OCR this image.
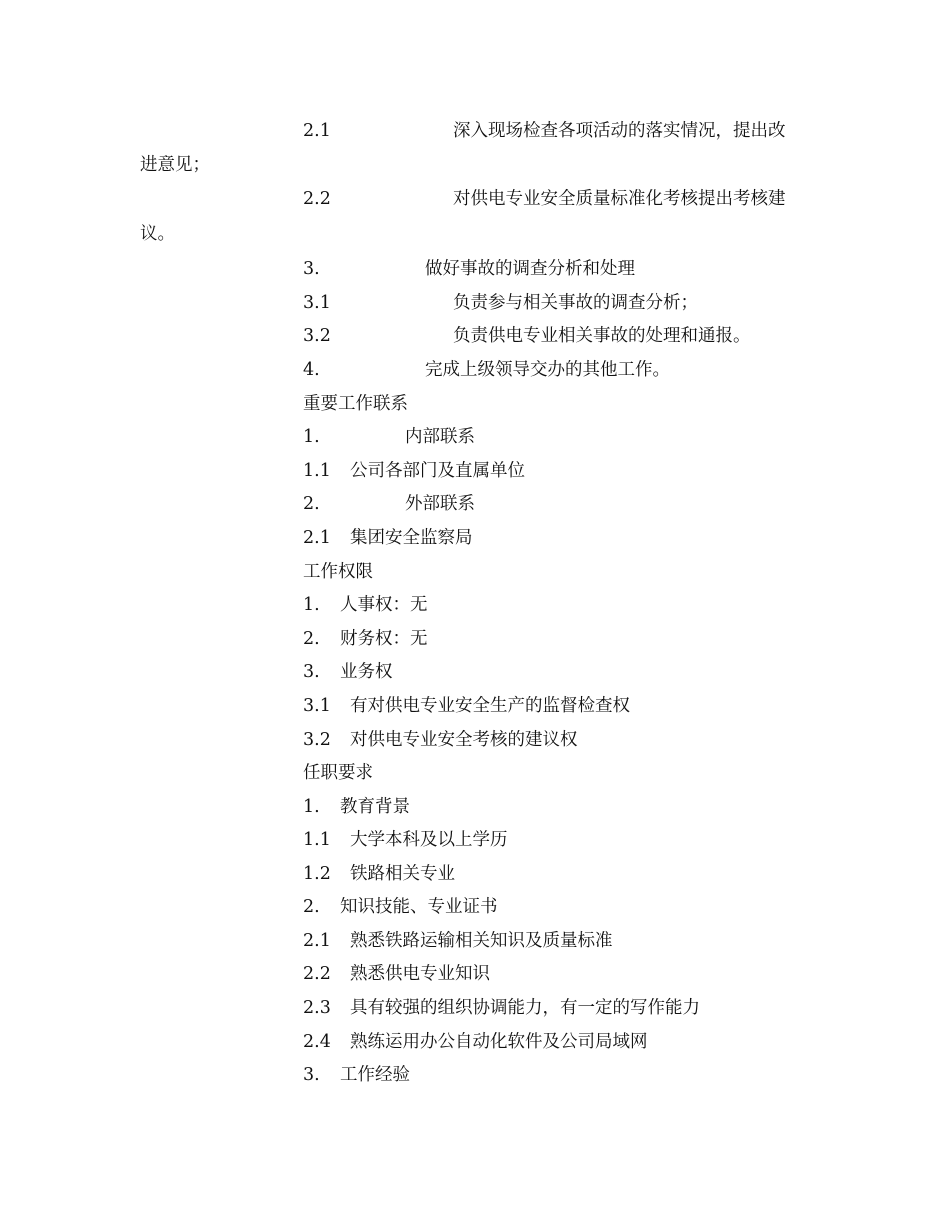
2.1	深入现场检查各项活动的落实情况，提出改
进意见；
2.2	对供电专业安全质量标准化考核提出考核建
议。
3.	做好事故的调查分析和处理
3.1	负责参与相关事故的调查分析；
3.2	负责供电专业相关事故的处理和通报。
4.	完成上级领导交办的其他工作。
重要工作联系
1.	内部联系
1.1 公司各部门及直属单位
2.	外部联系
2.1 集团安全监察局
工作权限
1. 人事权：无
2. 财务权：无
3. 业务权
3.1 有对供电专业安全生产的监督检查权
3.2 对供电专业安全考核的建议权
任职要求
1. 教育背景
1.1 大学本科及以上学历
1.2 铁路相关专业
2. 知识技能、专业证书
2.1 熟悉铁路运输相关知识及质量标准
2.2 熟悉供电专业知识
2.3 具有较强的组织协调能力，有一定的写作能力
2.4 熟练运用办公自动化软件及公司局域网
3. 工作经验
